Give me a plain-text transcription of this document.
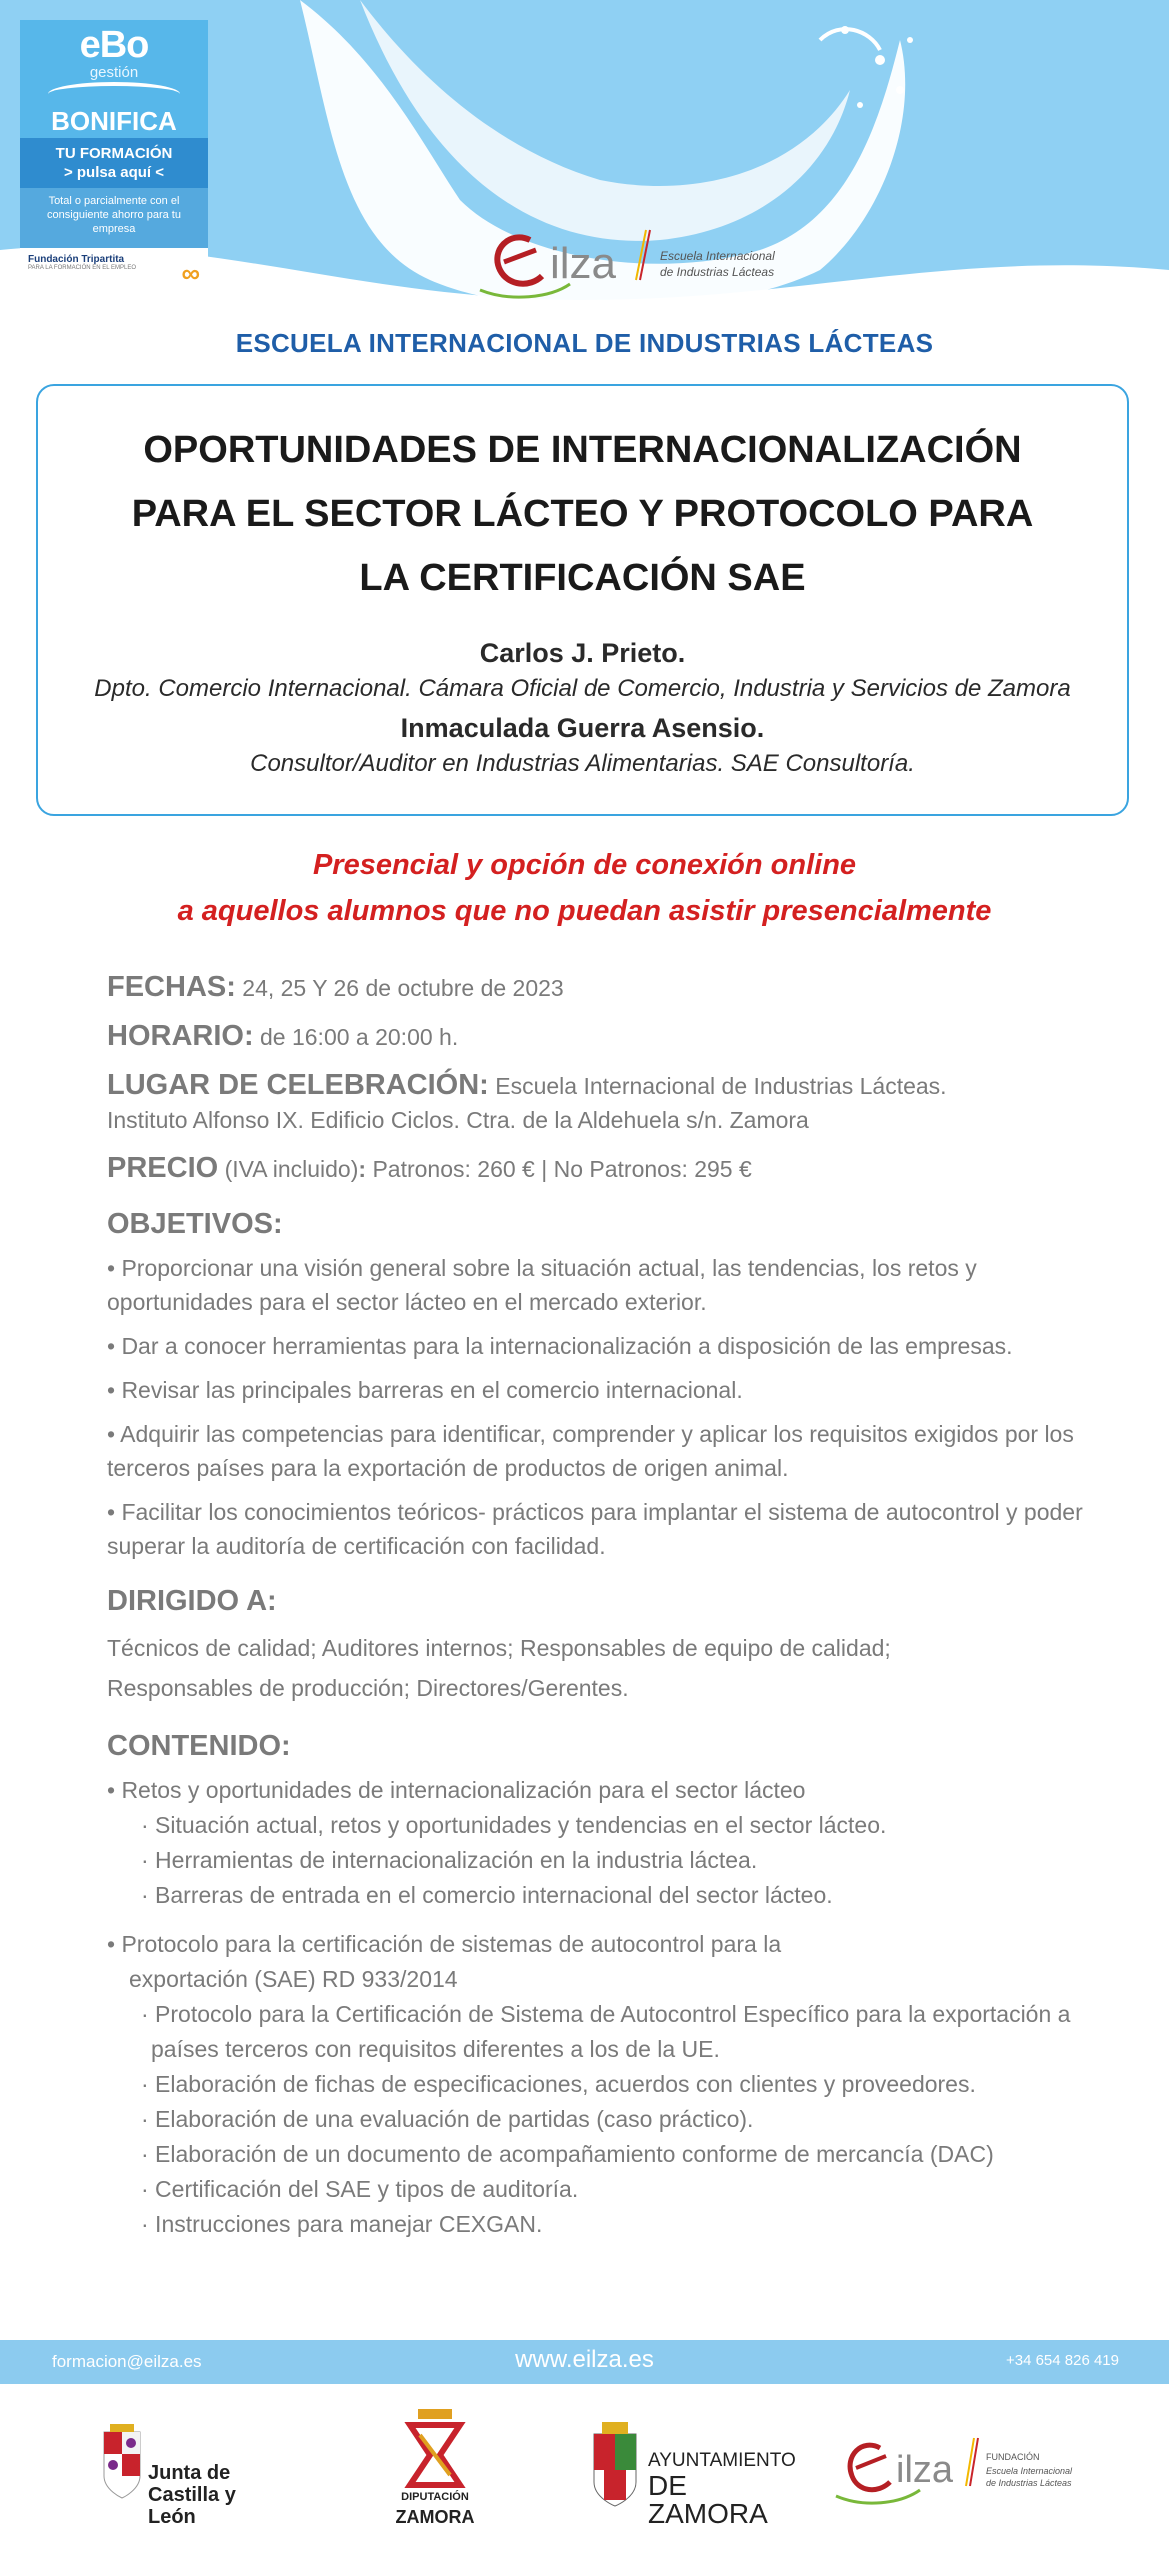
eBo
gestión
BONIFICA
TU FORMACIÓN
> pulsa aquí <
Total o parcialmente con el consiguiente ahorro para tu empresa
Fundación Tripartita
PARA LA FORMACIÓN EN EL EMPLEO	∞	ilza	Escuela Internacional
de Industrias Lácteas
ESCUELA INTERNACIONAL DE INDUSTRIAS LÁCTEAS
OPORTUNIDADES DE INTERNACIONALIZACIÓN
PARA EL SECTOR LÁCTEO Y PROTOCOLO PARA
LA CERTIFICACIÓN SAE
Carlos J. Prieto.
Dpto. Comercio Internacional. Cámara Oficial de Comercio, Industria y Servicios de Zamora
Inmaculada Guerra Asensio.
Consultor/Auditor en Industrias Alimentarias. SAE Consultoría.
Presencial y opción de conexión online
a aquellos alumnos que no puedan asistir presencialmente
FECHAS: 24, 25 Y 26 de octubre de 2023
HORARIO: de 16:00 a 20:00 h.
LUGAR DE CELEBRACIÓN: Escuela Internacional de Industrias Lácteas.
Instituto Alfonso IX. Edificio Ciclos. Ctra. de la Aldehuela s/n. Zamora
PRECIO (IVA incluido): Patronos: 260 € | No Patronos: 295 €
OBJETIVOS:
• Proporcionar una visión general sobre la situación actual, las tendencias, los retos y oportunidades para el sector lácteo en el mercado exterior.
• Dar a conocer herramientas para la internacionalización a disposición de las empresas.
• Revisar las principales barreras en el comercio internacional.
• Adquirir las competencias para identificar, comprender y aplicar los requisitos exigidos por los terceros países para la exportación de productos de origen animal.
• Facilitar los conocimientos teóricos- prácticos para implantar el sistema de autocontrol y poder superar la auditoría de certificación con facilidad.
DIRIGIDO A:
Técnicos de calidad; Auditores internos; Responsables de equipo de calidad;
Responsables de producción; Directores/Gerentes.
CONTENIDO:
• Retos y oportunidades de internacionalización para el sector lácteo
· Situación actual, retos y oportunidades y tendencias en el sector lácteo.
· Herramientas de internacionalización en la industria láctea.
· Barreras de entrada en el comercio internacional del sector lácteo.
• Protocolo para la certificación de sistemas de autocontrol para la
exportación (SAE) RD 933/2014
· Protocolo para la Certificación de Sistema de Autocontrol Específico para la exportación a países terceros con requisitos diferentes a los de la UE.
· Elaboración de fichas de especificaciones, acuerdos con clientes y proveedores.
· Elaboración de una evaluación de partidas (caso práctico).
· Elaboración de un documento de acompañamiento conforme de mercancía (DAC)
· Certificación del SAE y tipos de auditoría.
· Instrucciones para manejar CEXGAN.
formacion@eilza.es	www.eilza.es	+34 654 826 419
Junta de
Castilla y León
DIPUTACIÓN
ZAMORA
AYUNTAMIENTO
DE ZAMORA
ilza	FUNDACIÓN
Escuela Internacional
de Industrias Lácteas
